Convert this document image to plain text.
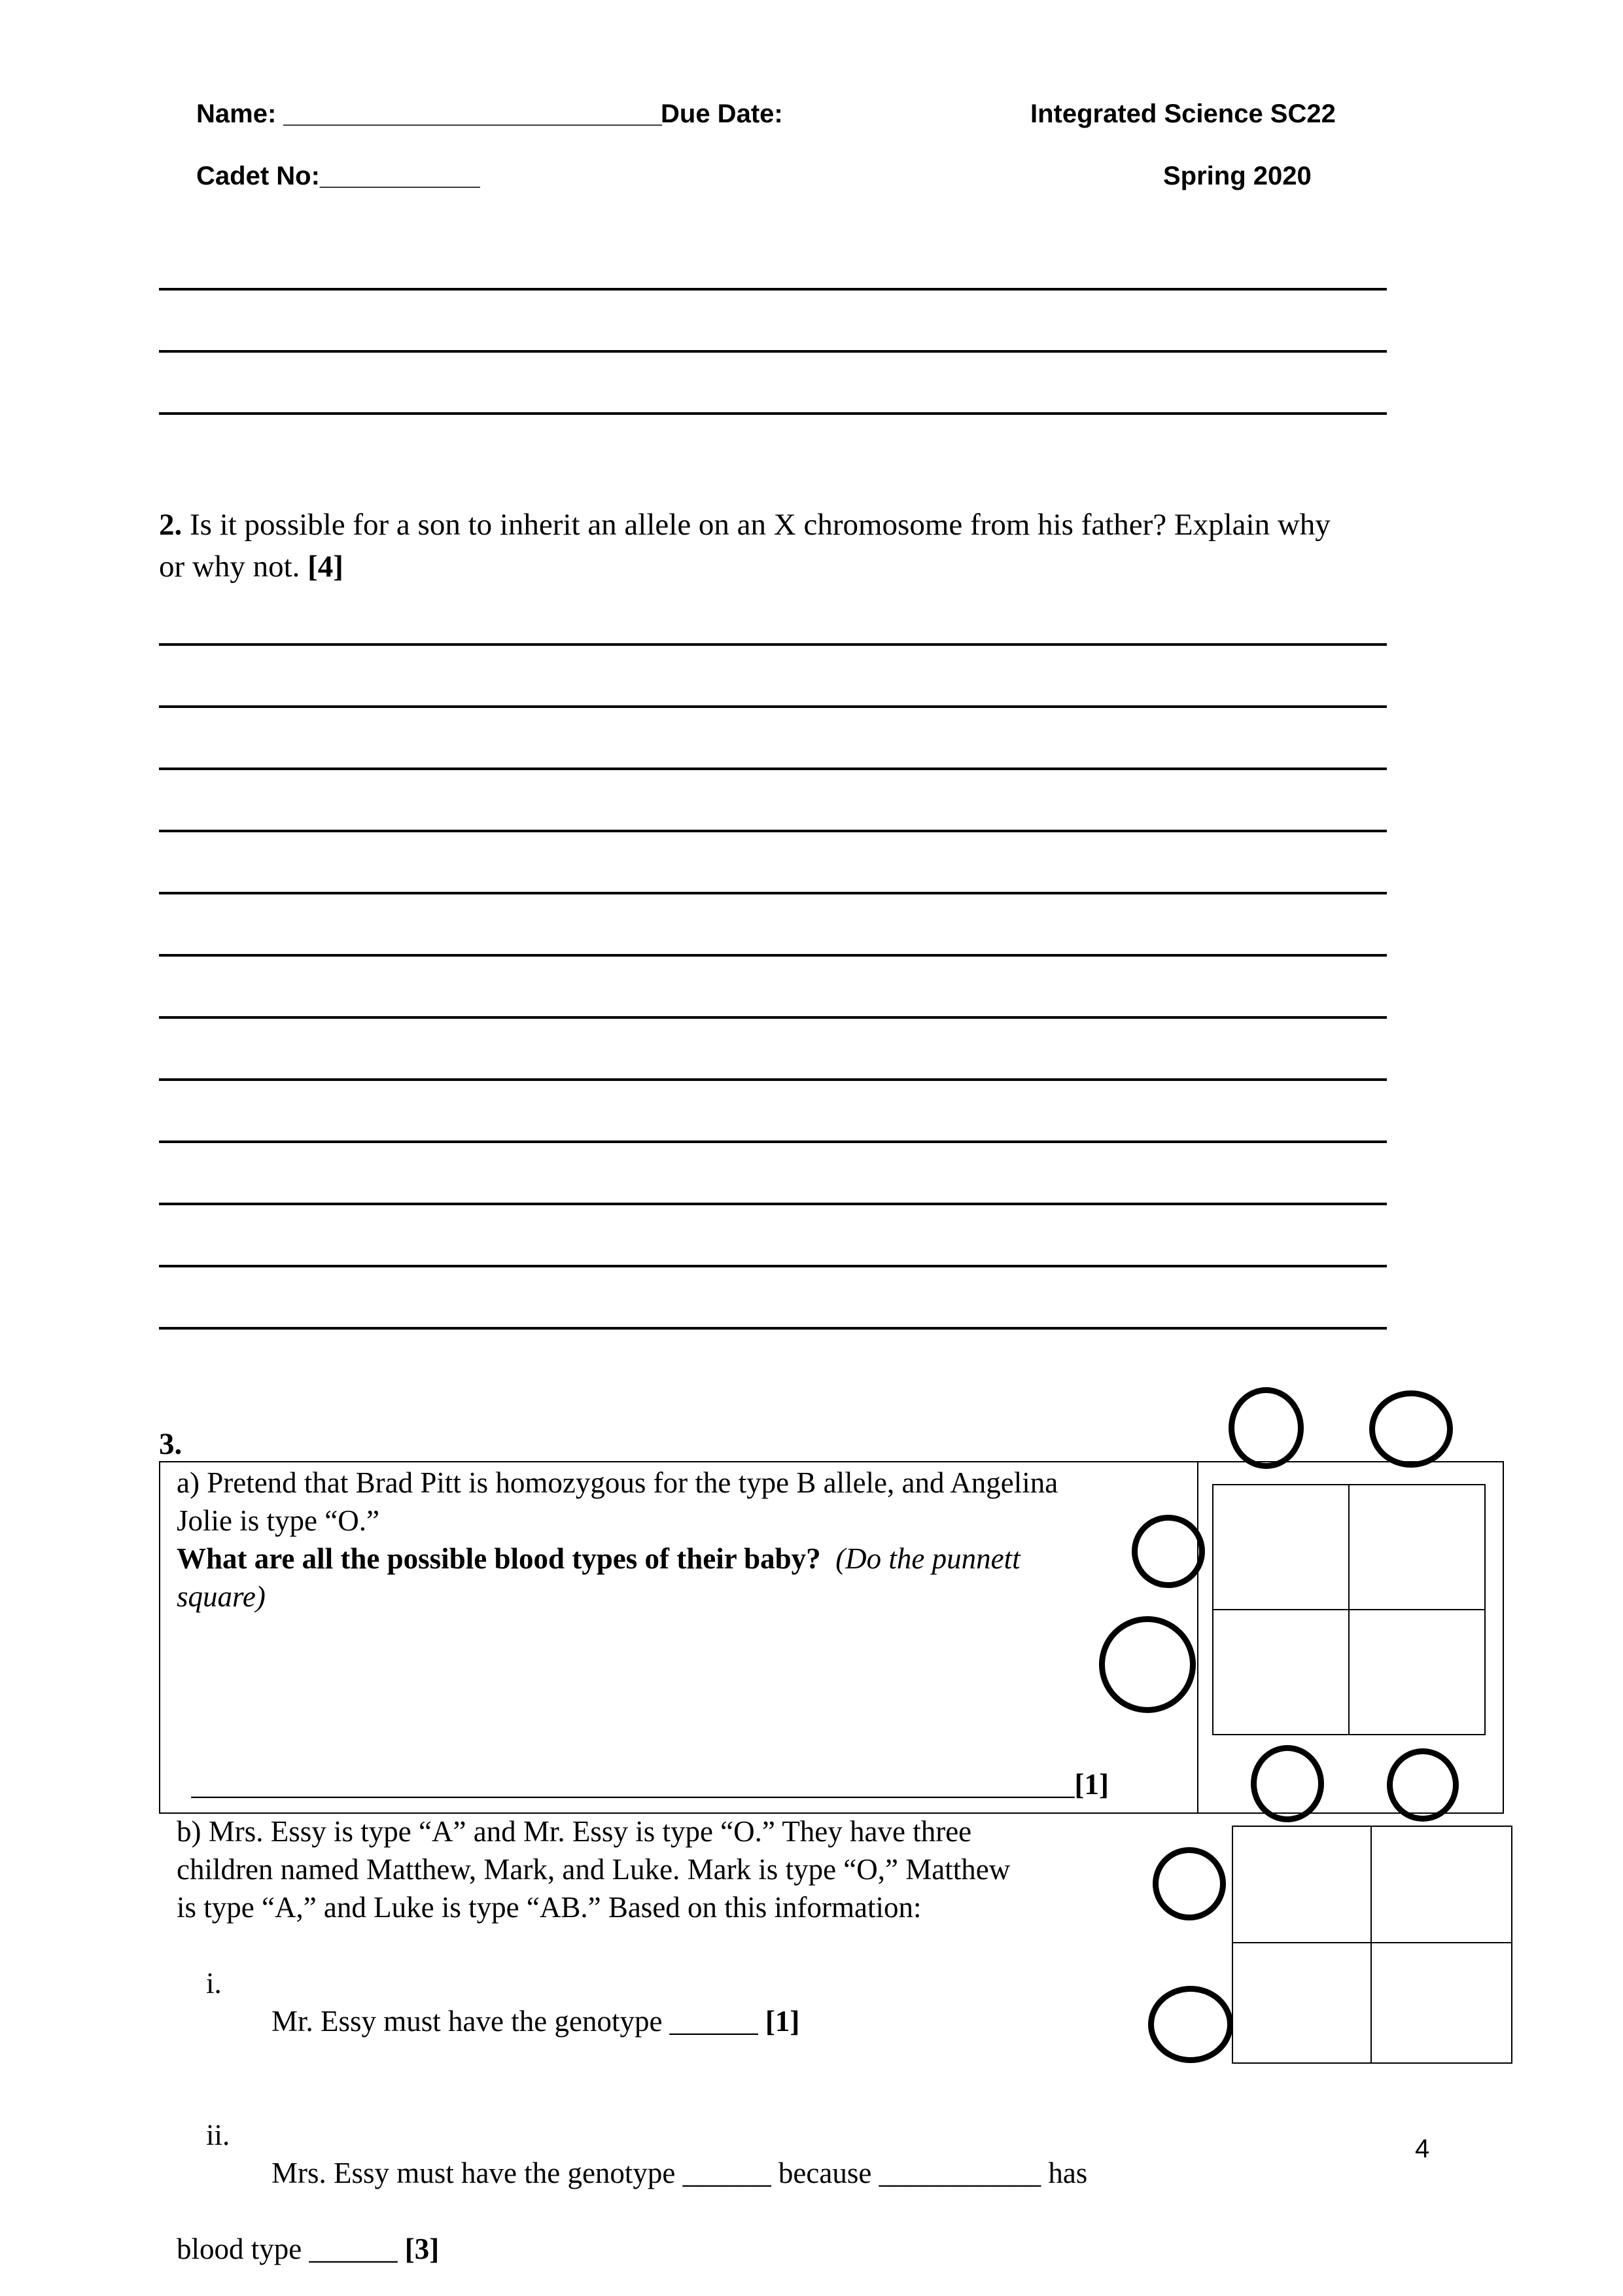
Name: __________________________
Due Date:	Integrated Science SC22
Cadet No:___________	Spring 2020
2. Is it possible for a son to inherit an allele on an X chromosome from his father? Explain why
or why not. [4]
3.
a) Pretend that Brad Pitt is homozygous for the type B allele, and Angelina
Jolie is type “O.”
What are all the possible blood types of their baby? (Do the punnett
square)

____________________________________________________________[1]

b) Mrs. Essy is type “A” and Mr. Essy is type “O.” They have three
children named Matthew, Mark, and Luke. Mark is type “O,” Matthew
is type “A,” and Luke is type “AB.” Based on this information:

i.

Mr. Essy must have the genotype ______ [1]

ii.

Mrs. Essy must have the genotype ______ because ___________ has

blood type ______ [3]
4
